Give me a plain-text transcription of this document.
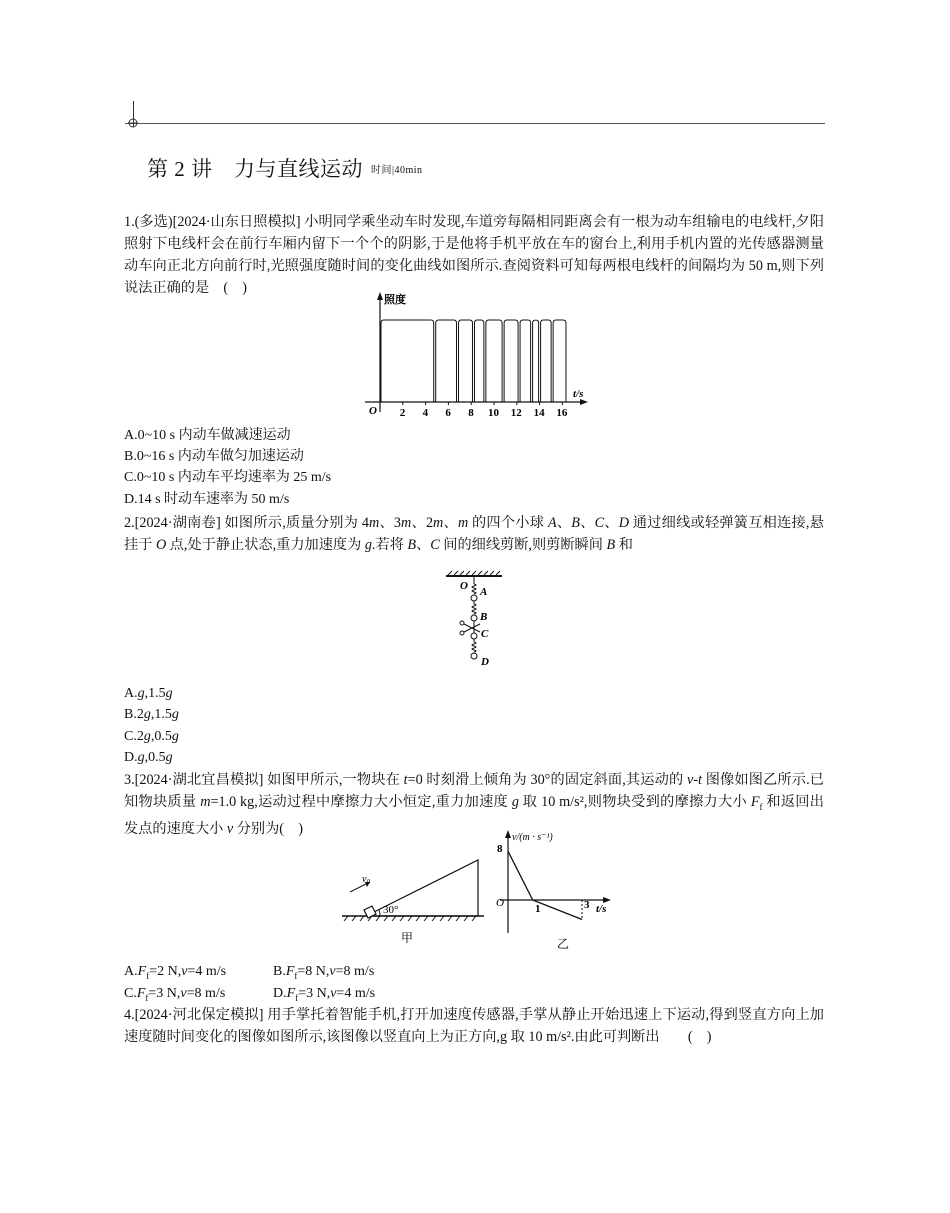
第 2 讲　力与直线运动 $^{时间|40min}$
1.(多选)[2024·山东日照模拟] 小明同学乘坐动车时发现,车道旁每隔相同距离会有一根为动车组输电的电线杆,夕阳照射下电线杆会在前行车厢内留下一个个的阴影,于是他将手机平放在车的窗台上,利用手机内置的光传感器测量动车向正北方向前行时,光照强度随时间的变化曲线如图所示.查阅资料可知每两根电线杆的间隔均为 50 m,则下列说法正确的是　(　)
照度
t/s
O 2 4 6 8 10 12 14 16
A.0~10 s 内动车做减速运动
B.0~16 s 内动车做匀加速运动
C.0~10 s 内动车平均速率为 25 m/s
D.14 s 时动车速率为 50 m/s
2.[2024·湖南卷] 如图所示,质量分别为 4m、3m、2m、m 的四个小球 A、B、C、D 通过细线或轻弹簧互相连接,悬挂于 O 点,处于静止状态,重力加速度为 g.若将 B、C 间的细线剪断,则剪断瞬间 B 和
O A
B
C
D
A.g,1.5g
B.2g,1.5g
C.2g,0.5g
D.g,0.5g
3.[2024·湖北宜昌模拟] 如图甲所示,一物块在 t=0 时刻滑上倾角为 30°的固定斜面,其运动的 v-t 图像如图乙所示.已知物块质量 m=1.0 kg,运动过程中摩擦力大小恒定,重力加速度 g 取 10 m/s²,则物块受到的摩擦力大小 $F_f$ 和返回出发点的速度大小 v 分别为(　)
$v_0$
30°
甲
v/(m · s⁻¹)
t/s
8
O	1	3
乙
$A.F_f=2$ N,v=4 m/s	$B.F_f=8$ N,v=8 m/s
$C.F_f=3$ N,v=8 m/s	$D.F_f=3$ N,v=4 m/s
4.[2024·河北保定模拟] 用手掌托着智能手机,打开加速度传感器,手掌从静止开始迅速上下运动,得到竖直方向上加速度随时间变化的图像如图所示,该图像以竖直向上为正方向,g 取 10 m/s².由此可判断出　　(　)
